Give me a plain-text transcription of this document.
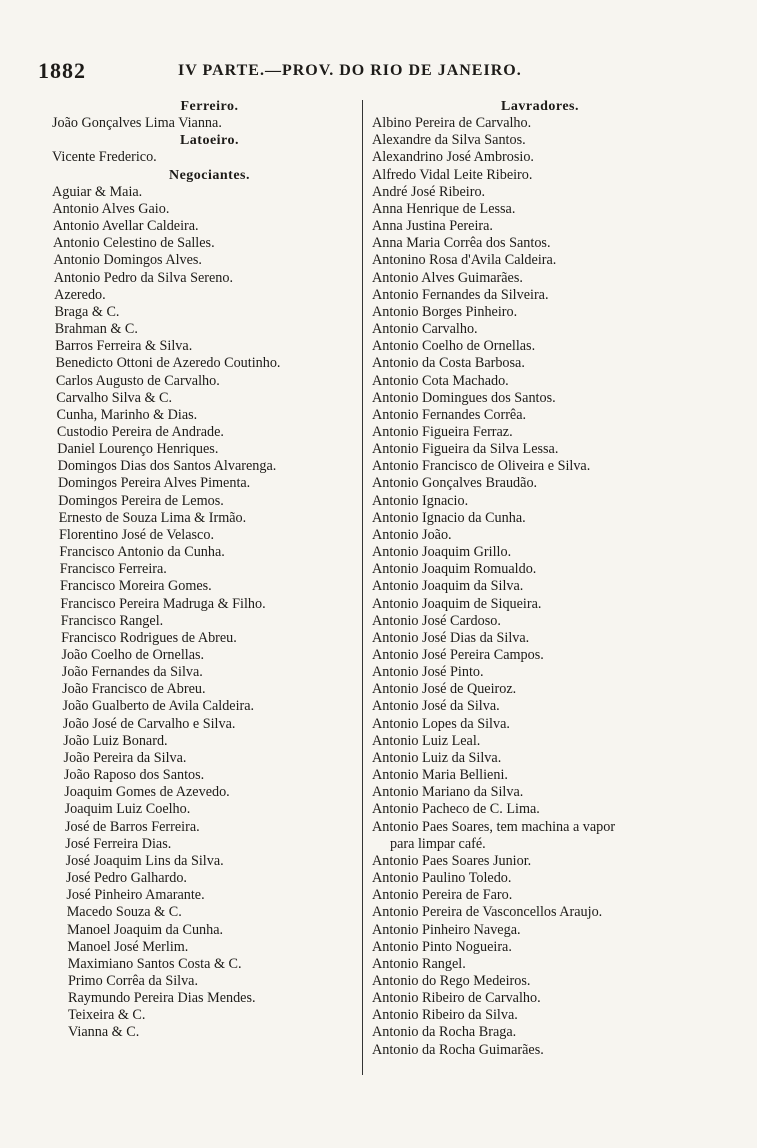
1882	IV PARTE.—PROV. DO RIO DE JANEIRO.
Ferreiro.
João Gonçalves Lima Vianna.
Latoeiro.
Vicente Frederico.
Negociantes.
Aguiar & Maia.
Antonio Alves Gaio.
Antonio Avellar Caldeira.
Antonio Celestino de Salles.
Antonio Domingos Alves.
Antonio Pedro da Silva Sereno.
Azeredo.
Braga & C.
Brahman & C.
Barros Ferreira & Silva.
Benedicto Ottoni de Azeredo Coutinho.
Carlos Augusto de Carvalho.
Carvalho Silva & C.
Cunha, Marinho & Dias.
Custodio Pereira de Andrade.
Daniel Lourenço Henriques.
Domingos Dias dos Santos Alvarenga.
Domingos Pereira Alves Pimenta.
Domingos Pereira de Lemos.
Ernesto de Souza Lima & Irmão.
Florentino José de Velasco.
Francisco Antonio da Cunha.
Francisco Ferreira.
Francisco Moreira Gomes.
Francisco Pereira Madruga & Filho.
Francisco Rangel.
Francisco Rodrigues de Abreu.
João Coelho de Ornellas.
João Fernandes da Silva.
João Francisco de Abreu.
João Gualberto de Avila Caldeira.
João José de Carvalho e Silva.
João Luiz Bonard.
João Pereira da Silva.
João Raposo dos Santos.
Joaquim Gomes de Azevedo.
Joaquim Luiz Coelho.
José de Barros Ferreira.
José Ferreira Dias.
José Joaquim Lins da Silva.
José Pedro Galhardo.
José Pinheiro Amarante.
Macedo Souza & C.
Manoel Joaquim da Cunha.
Manoel José Merlim.
Maximiano Santos Costa & C.
Primo Corrêa da Silva.
Raymundo Pereira Dias Mendes.
Teixeira & C.
Vianna & C.
Lavradores.
Albino Pereira de Carvalho.
Alexandre da Silva Santos.
Alexandrino José Ambrosio.
Alfredo Vidal Leite Ribeiro.
André José Ribeiro.
Anna Henrique de Lessa.
Anna Justina Pereira.
Anna Maria Corrêa dos Santos.
Antonino Rosa d'Avila Caldeira.
Antonio Alves Guimarães.
Antonio Fernandes da Silveira.
Antonio Borges Pinheiro.
Antonio Carvalho.
Antonio Coelho de Ornellas.
Antonio da Costa Barbosa.
Antonio Cota Machado.
Antonio Domingues dos Santos.
Antonio Fernandes Corrêa.
Antonio Figueira Ferraz.
Antonio Figueira da Silva Lessa.
Antonio Francisco de Oliveira e Silva.
Antonio Gonçalves Braudão.
Antonio Ignacio.
Antonio Ignacio da Cunha.
Antonio João.
Antonio Joaquim Grillo.
Antonio Joaquim Romualdo.
Antonio Joaquim da Silva.
Antonio Joaquim de Siqueira.
Antonio José Cardoso.
Antonio José Dias da Silva.
Antonio José Pereira Campos.
Antonio José Pinto.
Antonio José de Queiroz.
Antonio José da Silva.
Antonio Lopes da Silva.
Antonio Luiz Leal.
Antonio Luiz da Silva.
Antonio Maria Bellieni.
Antonio Mariano da Silva.
Antonio Pacheco de C. Lima.
Antonio Paes Soares, tem machina a vapor
para limpar café.
Antonio Paes Soares Junior.
Antonio Paulino Toledo.
Antonio Pereira de Faro.
Antonio Pereira de Vasconcellos Araujo.
Antonio Pinheiro Navega.
Antonio Pinto Nogueira.
Antonio Rangel.
Antonio do Rego Medeiros.
Antonio Ribeiro de Carvalho.
Antonio Ribeiro da Silva.
Antonio da Rocha Braga.
Antonio da Rocha Guimarães.
